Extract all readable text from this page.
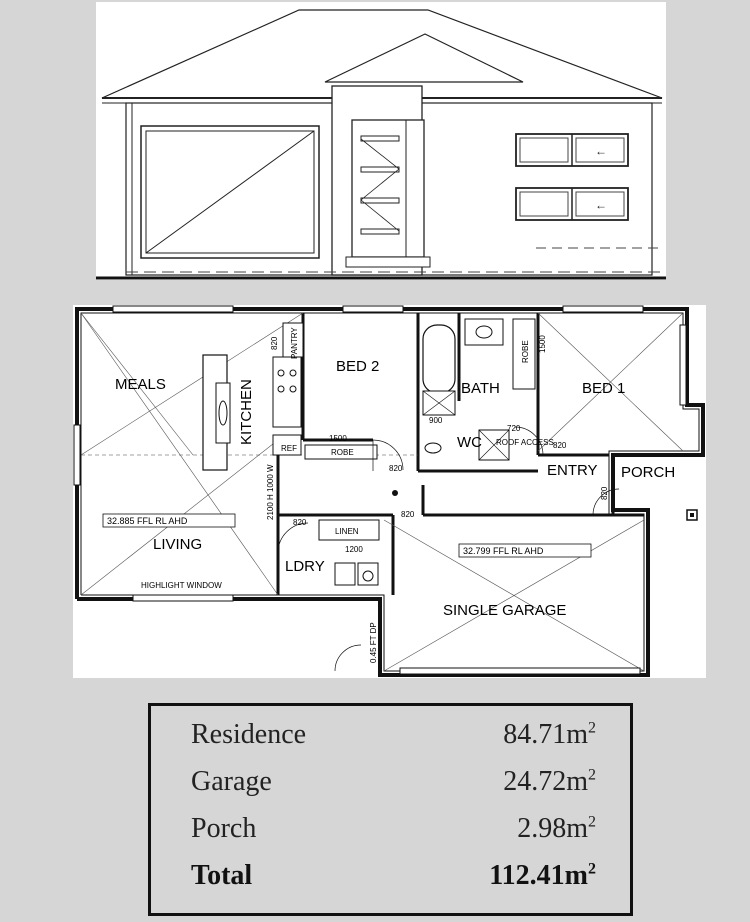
←
←
MEALS	KITCHEN
PANTRY
BED 2
BATH	BED 1
ROBE
ROBE
WC ROOF ACCESS
ENTRY PORCH
REF
LIVING
LINEN
LDRY
SINGLE GARAGE
HIGHLIGHT WINDOW
32.885 FFL RL AHD
32.799 FFL RL AHD
820
1500
820
720
900
820
1500
820
820
820
1200
2100 H 1000 W
0.45 FT DP
Residence	$84.71m^2$
Garage	$24.72m^2$
Porch	$2.98m^2$
Total	$112.41m^2$
